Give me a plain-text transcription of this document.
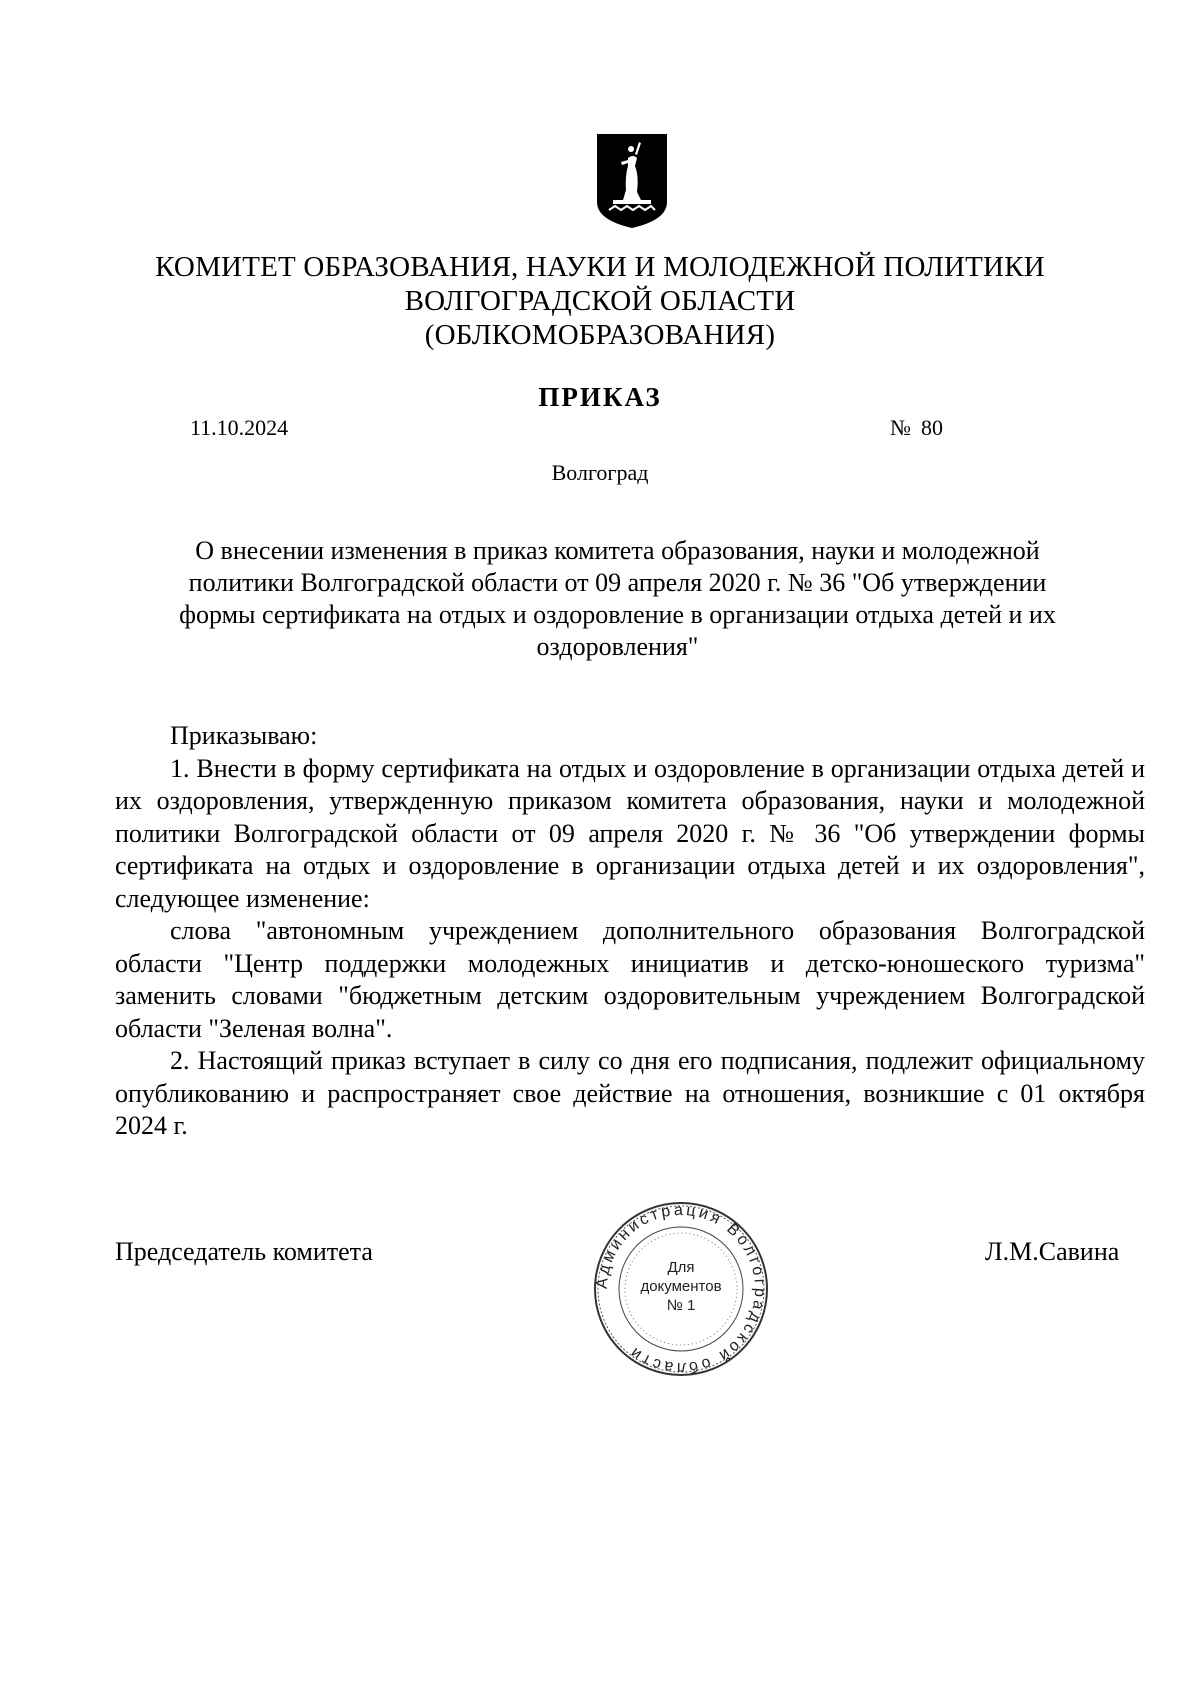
КОМИТЕТ ОБРАЗОВАНИЯ, НАУКИ И МОЛОДЕЖНОЙ ПОЛИТИКИ
ВОЛГОГРАДСКОЙ ОБЛАСТИ
(ОБЛКОМОБРАЗОВАНИЯ)
ПРИКАЗ
11.10.2024	№ 80
Волгоград
О внесении изменения в приказ комитета образования, науки и молодежной политики Волгоградской области от 09 апреля 2020 г. № 36 "Об утверждении формы сертификата на отдых и оздоровление в организации отдыха детей и их оздоровления"

Приказываю:

1. Внести в форму сертификата на отдых и оздоровление в организации отдыха детей и их оздоровления, утвержденную приказом комитета образования, науки и молодежной политики Волгоградской области от 09 апреля 2020 г. № 36 "Об утверждении формы сертификата на отдых и оздоровление в организации отдыха детей и их оздоровления", следующее изменение:

слова "автономным учреждением дополнительного образования Волгоградской области "Центр поддержки молодежных инициатив и детско-юношеского туризма" заменить словами "бюджетным детским оздоровительным учреждением Волгоградской области "Зеленая волна".

2. Настоящий приказ вступает в силу со дня его подписания, подлежит официальному опубликованию и распространяет свое действие на отношения, возникшие с 01 октября 2024 г.

Председатель комитета	Л.М.Савина
Администрация Волгоградской области
Для
документов
№ 1
